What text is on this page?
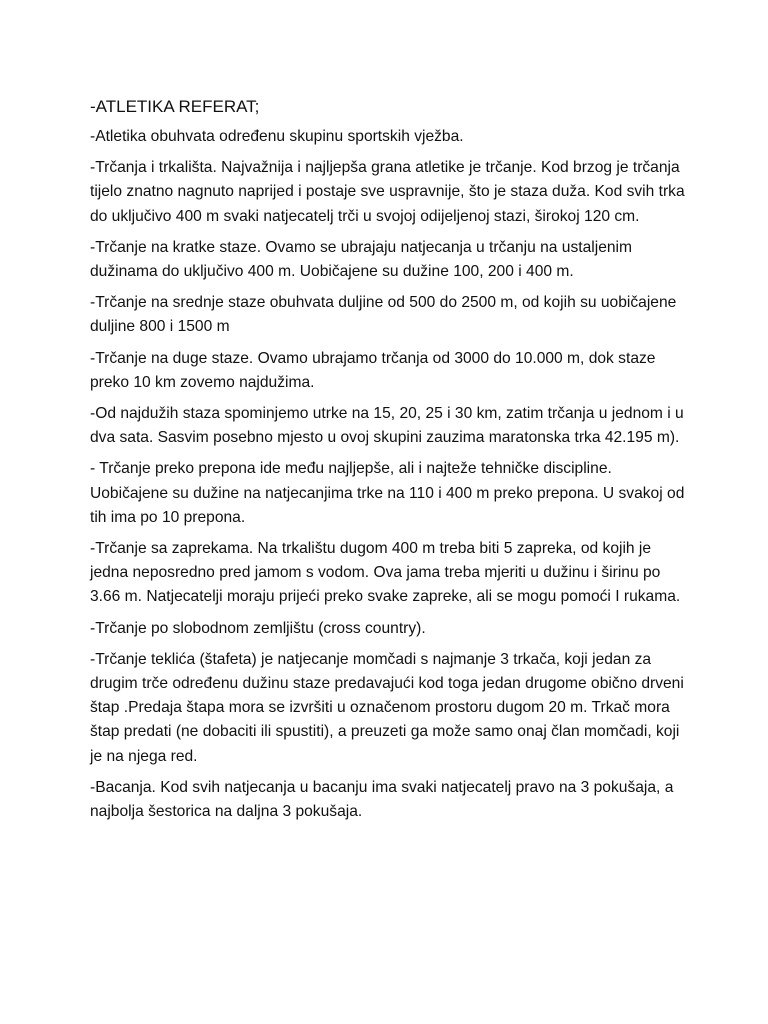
-ATLETIKA REFERAT;

-Atletika obuhvata određenu skupinu sportskih vježba.

-Trčanja i trkališta. Najvažnija i najljepša grana atletike je trčanje. Kod brzog je trčanja tijelo znatno nagnuto naprijed i postaje sve uspravnije, što je staza duža. Kod svih trka do uključivo 400 m svaki natjecatelj trči u svojoj odijeljenoj stazi, širokoj 120 cm.

-Trčanje na kratke staze. Ovamo se ubrajaju natjecanja u trčanju na ustaljenim dužinama do uključivo 400 m. Uobičajene su dužine 100, 200 i 400 m.

-Trčanje na srednje staze obuhvata duljine od 500 do 2500 m, od kojih su uobičajene duljine 800 i 1500 m

-Trčanje na duge staze. Ovamo ubrajamo trčanja od 3000 do 10.000 m, dok staze preko 10 km zovemo najdužima.

-Od najdužih staza spominjemo utrke na 15, 20, 25 i 30 km, zatim trčanja u jednom i u dva sata. Sasvim posebno mjesto u ovoj skupini zauzima maratonska trka 42.195 m).

- Trčanje preko prepona ide među najljepše, ali i najteže tehničke discipline. Uobičajene su dužine na natjecanjima trke na 110 i 400 m preko prepona. U svakoj od tih ima po 10 prepona.

-Trčanje sa zaprekama. Na trkalištu dugom 400 m treba biti 5 zapreka, od kojih je jedna neposredno pred jamom s vodom. Ova jama treba mjeriti u dužinu i širinu po 3.66 m. Natjecatelji moraju prijeći preko svake zapreke, ali se mogu pomoći I rukama.

-Trčanje po slobodnom zemljištu (cross country).

-Trčanje teklića (štafeta) je natjecanje momčadi s najmanje 3 trkača, koji jedan za drugim trče određenu dužinu staze predavajući kod toga jedan drugome obično drveni štap .Predaja štapa mora se izvršiti u označenom prostoru dugom 20 m. Trkač mora štap predati (ne dobaciti ili spustiti), a preuzeti ga može samo onaj član momčadi, koji je na njega red.

-Bacanja. Kod svih natjecanja u bacanju ima svaki natjecatelj pravo na 3 pokušaja, a najbolja šestorica na daljna 3 pokušaja.
